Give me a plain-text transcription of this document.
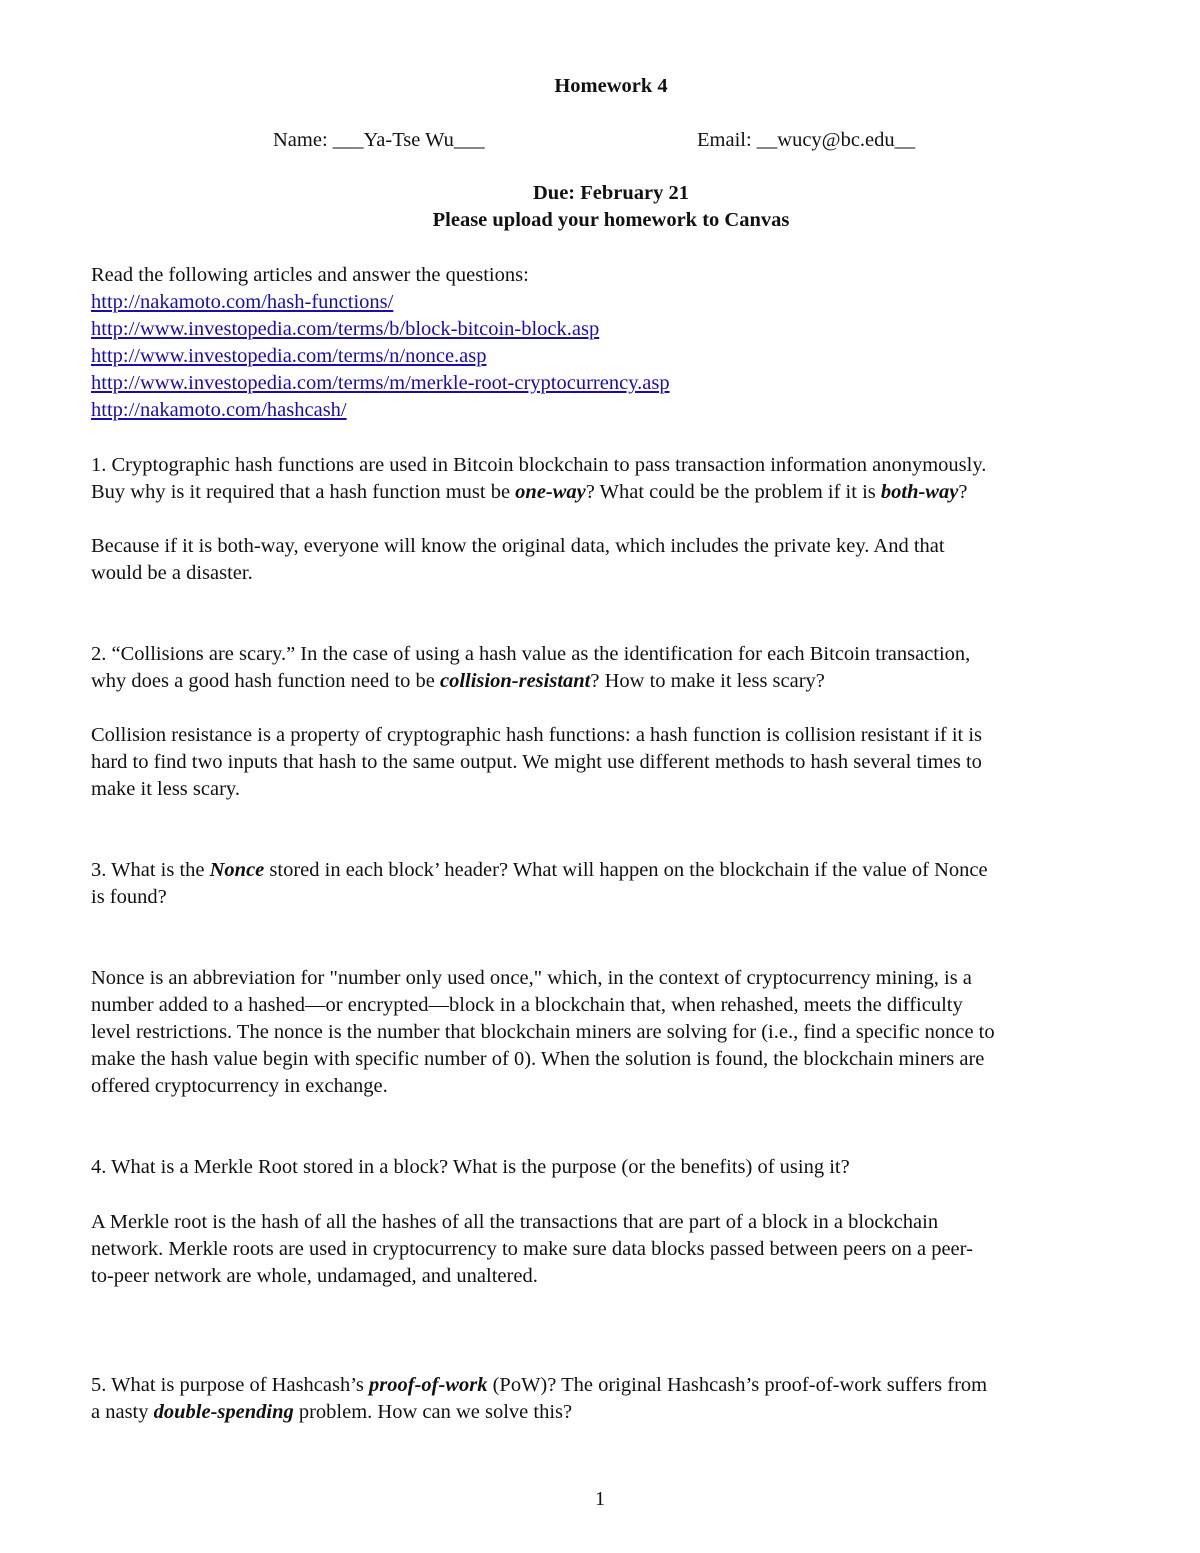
Homework 4
Name: ___Ya-Tse Wu___	Email: __wucy@bc.edu__
Due: February 21
Please upload your homework to Canvas
Read the following articles and answer the questions:
http://nakamoto.com/hash-functions/
http://www.investopedia.com/terms/b/block-bitcoin-block.asp
http://www.investopedia.com/terms/n/nonce.asp
http://www.investopedia.com/terms/m/merkle-root-cryptocurrency.asp
http://nakamoto.com/hashcash/
1. Cryptographic hash functions are used in Bitcoin blockchain to pass transaction information anonymously.
Buy why is it required that a hash function must be one-way? What could be the problem if it is both-way?
Because if it is both-way, everyone will know the original data, which includes the private key. And that
would be a disaster.
2. “Collisions are scary.” In the case of using a hash value as the identification for each Bitcoin transaction,
why does a good hash function need to be collision-resistant? How to make it less scary?
Collision resistance is a property of cryptographic hash functions: a hash function is collision resistant if it is
hard to find two inputs that hash to the same output. We might use different methods to hash several times to
make it less scary.
3. What is the Nonce stored in each block’ header? What will happen on the blockchain if the value of Nonce
is found?
Nonce is an abbreviation for "number only used once," which, in the context of cryptocurrency mining, is a
number added to a hashed—or encrypted—block in a blockchain that, when rehashed, meets the difficulty
level restrictions. The nonce is the number that blockchain miners are solving for (i.e., find a specific nonce to
make the hash value begin with specific number of 0). When the solution is found, the blockchain miners are
offered cryptocurrency in exchange.
4. What is a Merkle Root stored in a block? What is the purpose (or the benefits) of using it?
A Merkle root is the hash of all the hashes of all the transactions that are part of a block in a blockchain
network. Merkle roots are used in cryptocurrency to make sure data blocks passed between peers on a peer-
to-peer network are whole, undamaged, and unaltered.
5. What is purpose of Hashcash’s proof-of-work (PoW)? The original Hashcash’s proof-of-work suffers from
a nasty double-spending problem. How can we solve this?
1
